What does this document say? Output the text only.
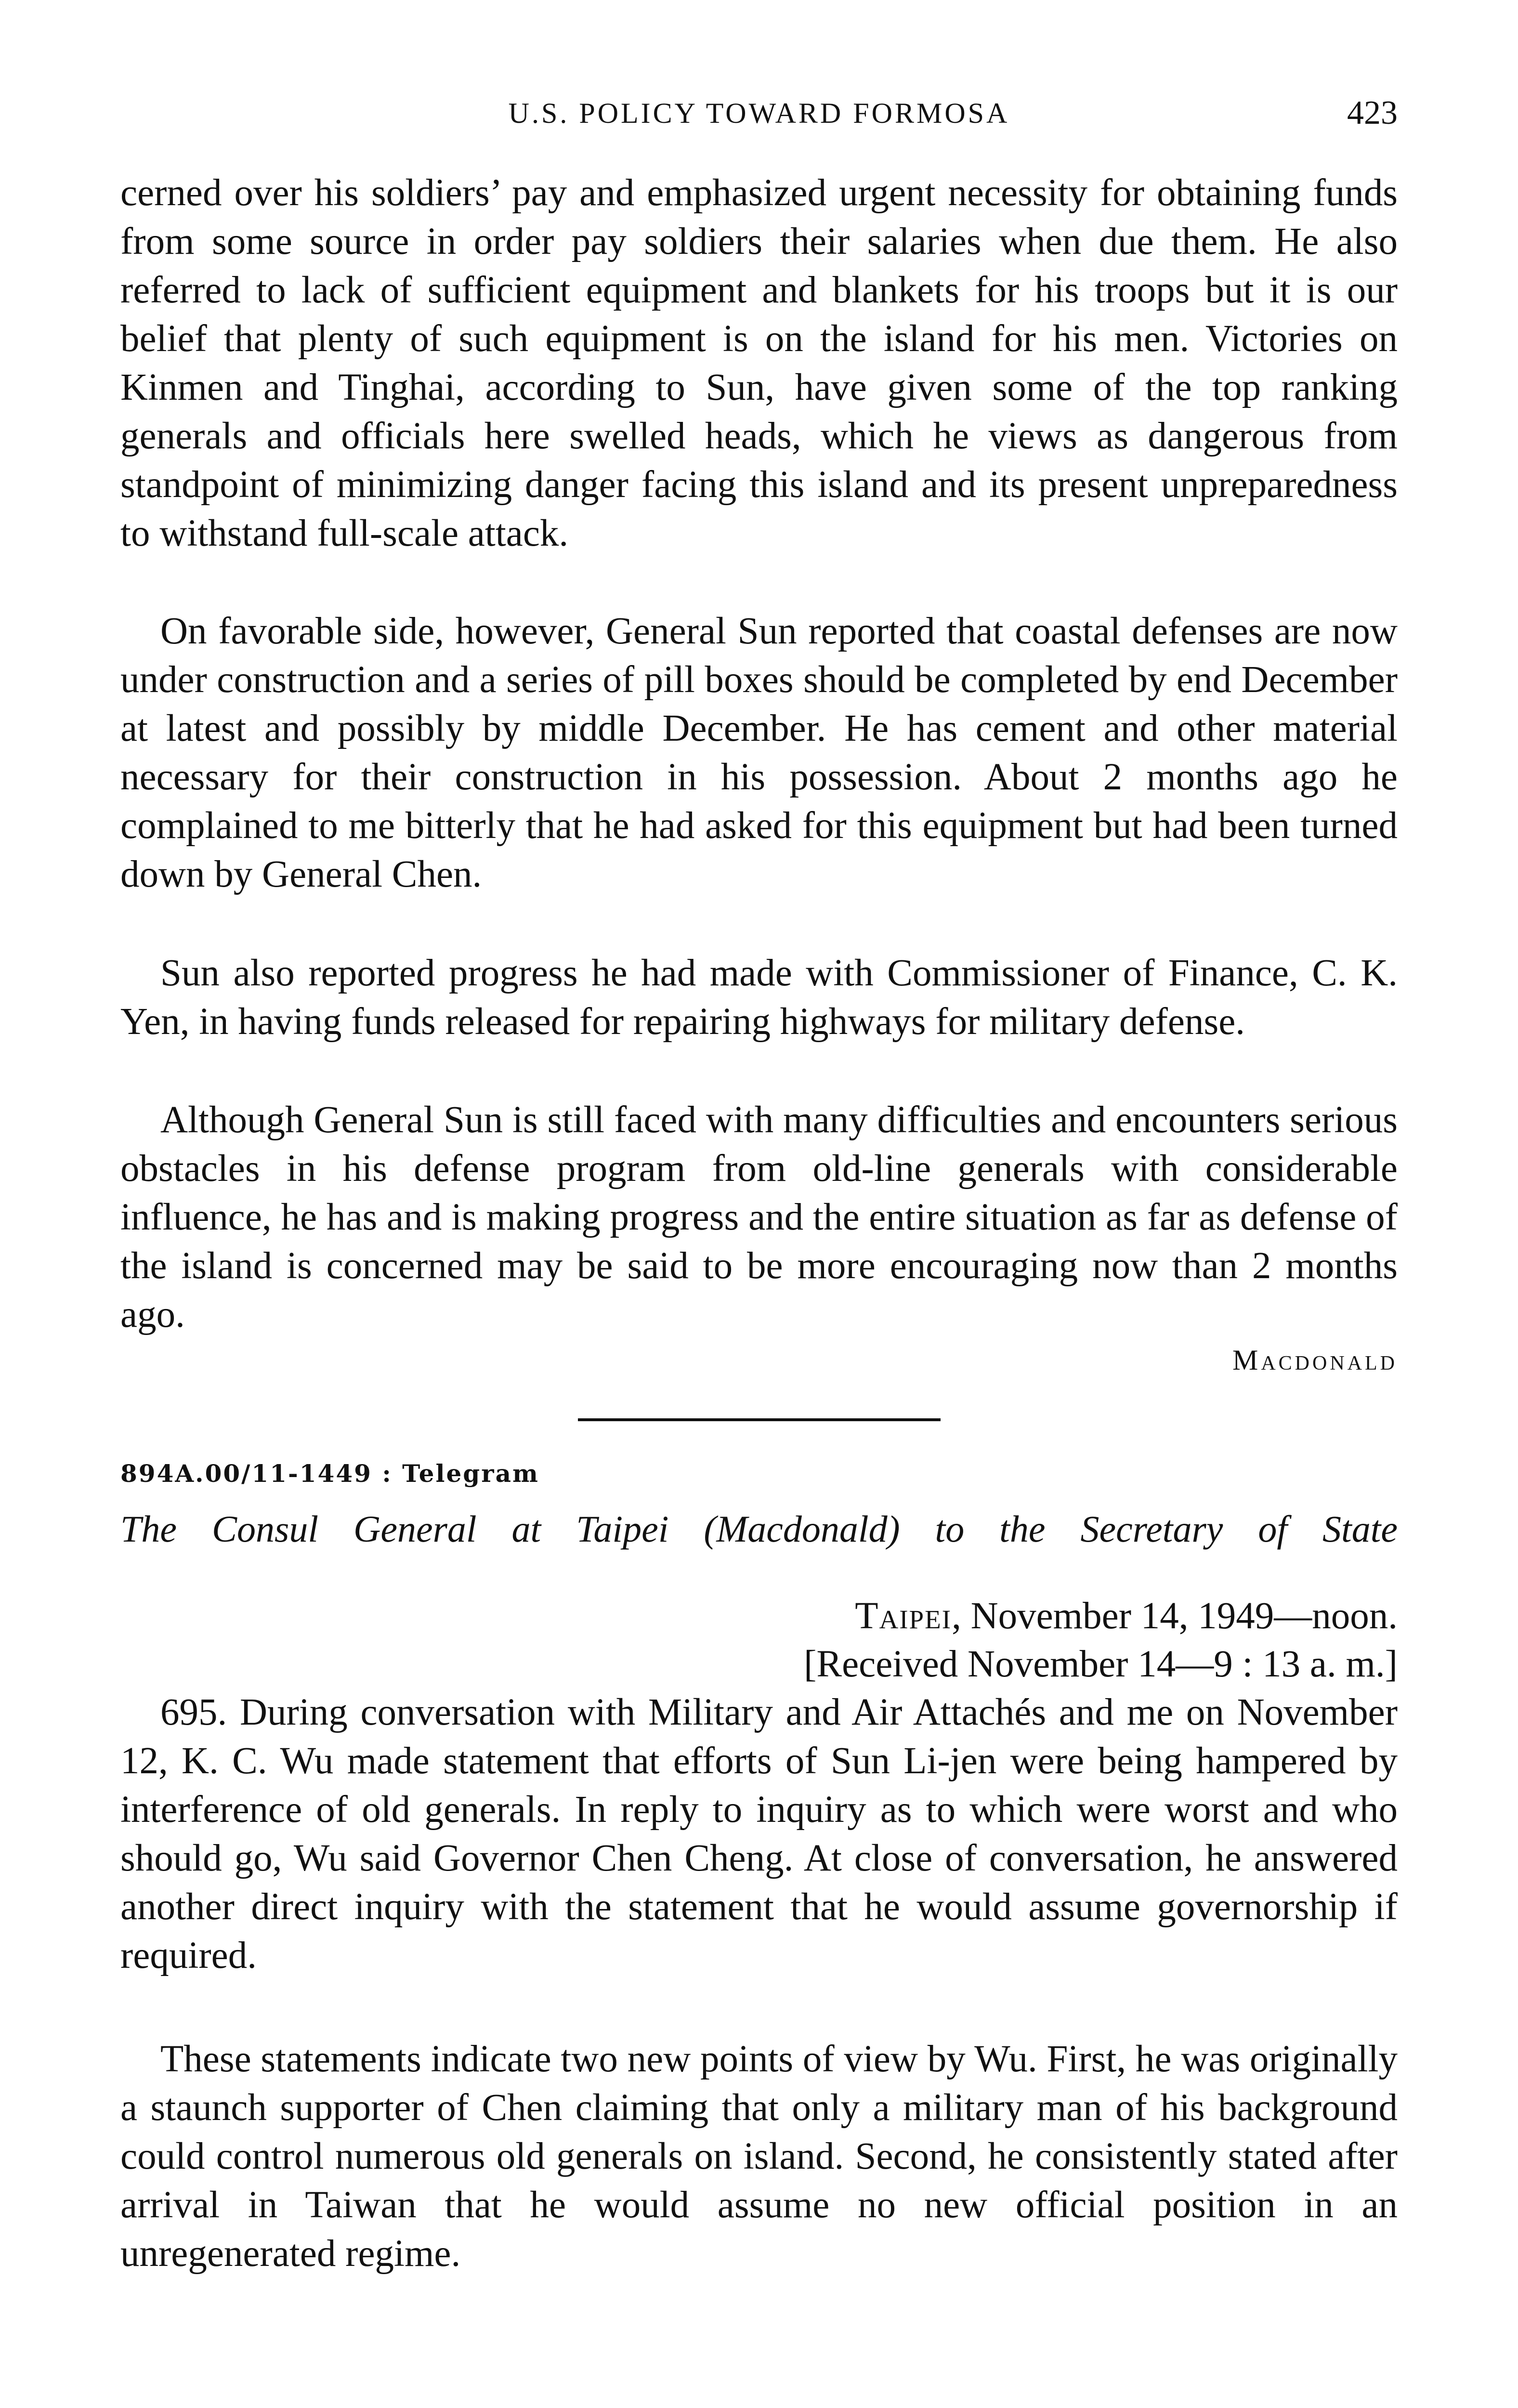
U.S. POLICY TOWARD FORMOSA	423

cerned over his soldiers’ pay and emphasized urgent necessity for obtaining funds from some source in order pay soldiers their salaries when due them. He also referred to lack of sufficient equipment and blankets for his troops but it is our belief that plenty of such equipment is on the island for his men. Victories on Kinmen and Tinghai, according to Sun, have given some of the top ranking generals and officials here swelled heads, which he views as dangerous from standpoint of minimizing danger facing this island and its present unpreparedness to withstand full-scale attack.

On favorable side, however, General Sun reported that coastal defenses are now under construction and a series of pill boxes should be completed by end December at latest and possibly by middle December. He has cement and other material necessary for their construction in his possession. About 2 months ago he complained to me bitterly that he had asked for this equipment but had been turned down by General Chen.

Sun also reported progress he had made with Commissioner of Finance, C. K. Yen, in having funds released for repairing highways for military defense.

Although General Sun is still faced with many difficulties and encounters serious obstacles in his defense program from old-line generals with considerable influence, he has and is making progress and the entire situation as far as defense of the island is concerned may be said to be more encouraging now than 2 months ago.

Macdonald
894A.00/11-1449 : Telegram
The Consul General at Taipei (Macdonald) to the Secretary of State
Taipei, November 14, 1949—noon.
[Received November 14—9 : 13 a. m.]

695. During conversation with Military and Air Attachés and me on November 12, K. C. Wu made statement that efforts of Sun Li-jen were being hampered by interference of old generals. In reply to inquiry as to which were worst and who should go, Wu said Governor Chen Cheng. At close of conversation, he answered another direct inquiry with the statement that he would assume governorship if required.

These statements indicate two new points of view by Wu. First, he was originally a staunch supporter of Chen claiming that only a military man of his background could control numerous old generals on island. Second, he consistently stated after arrival in Taiwan that he would assume no new official position in an unregenerated regime.
